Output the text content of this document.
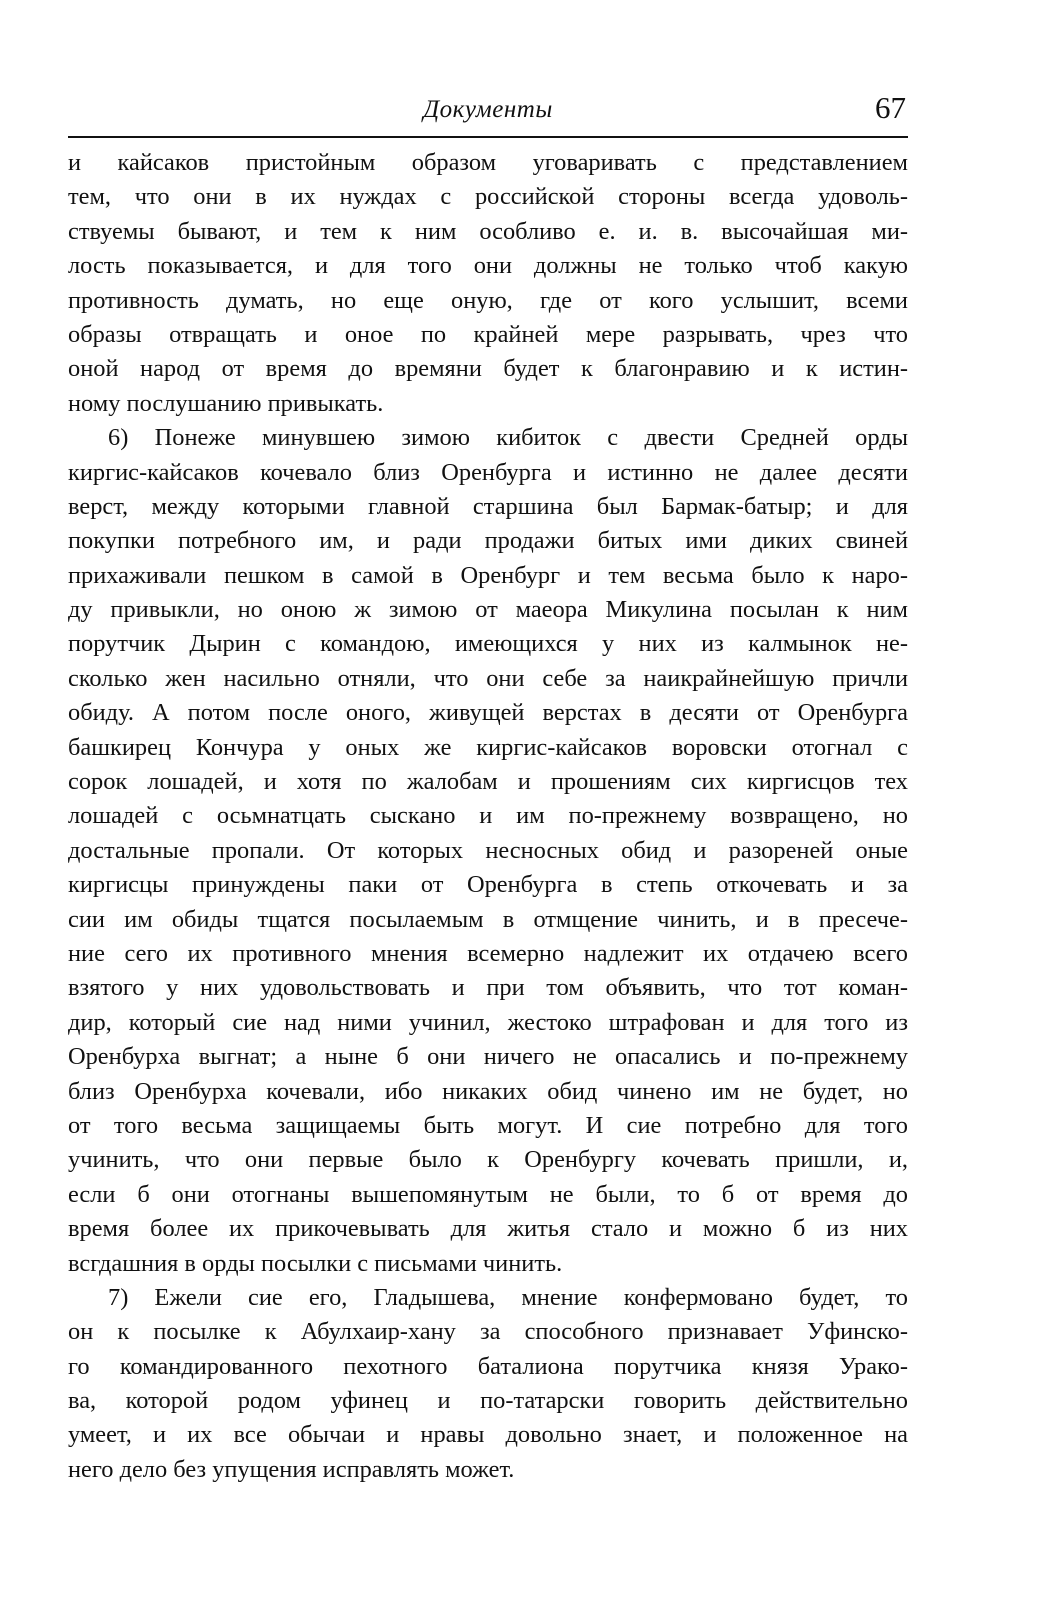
Документы	67
и кайсаков пристойным образом уговаривать с представлением
тем, что они в их нуждах с российской стороны всегда удоволь-
ствуемы бывают, и тем к ним особливо е. и. в. высочайшая ми-
лость показывается, и для того они должны не только чтоб какую
противность думать, но еще оную, где от кого услышит, всеми
образы отвращать и оное по крайней мере разрывать, чрез что
оной народ от время до времяни будет к благонравию и к истин-
ному послушанию привыкать.
6) Понеже минувшею зимою кибиток с двести Средней орды
киргис-кайсаков кочевало близ Оренбурга и истинно не далее десяти
верст, между которыми главной старшина был Бармак-батыр; и для
покупки потребного им, и ради продажи битых ими диких свиней
прихаживали пешком в самой в Оренбург и тем весьма было к наро-
ду привыкли, но оною ж зимою от маеора Микулина посылан к ним
порутчик Дырин с командою, имеющихся у них из калмынок не-
сколько жен насильно отняли, что они себе за наикрайнейшую причли
обиду. А потом после оного, живущей верстах в десяти от Оренбурга
башкирец Кончура у оных же киргис-кайсаков воровски отогнал с
сорок лошадей, и хотя по жалобам и прошениям сих киргисцов тех
лошадей с осьмнатцать сыскано и им по-прежнему возвращено, но
достальные пропали. От которых несносных обид и разореней оные
киргисцы принуждены паки от Оренбурга в степь откочевать и за
сии им обиды тщатся посылаемым в отмщение чинить, и в пресече-
ние сего их противного мнения всемерно надлежит их отдачею всего
взятого у них удовольствовать и при том объявить, что тот коман-
дир, который сие над ними учинил, жестоко штрафован и для того из
Оренбурха выгнат; а ныне б они ничего не опасались и по-прежнему
близ Оренбурха кочевали, ибо никаких обид чинено им не будет, но
от того весьма защищаемы быть могут. И сие потребно для того
учинить, что они первые было к Оренбургу кочевать пришли, и,
если б они отогнаны вышепомянутым не были, то б от время до
время более их прикочевывать для житья стало и можно б из них
всгдашния в орды посылки с письмами чинить.
7) Ежели сие его, Гладышева, мнение конфермовано будет, то
он к посылке к Абулхаир-хану за способного признавает Уфинско-
го командированного пехотного баталиона порутчика князя Урако-
ва, которой родом уфинец и по-татарски говорить действительно
умеет, и их все обычаи и нравы довольно знает, и положенное на
него дело без упущения исправлять может.
